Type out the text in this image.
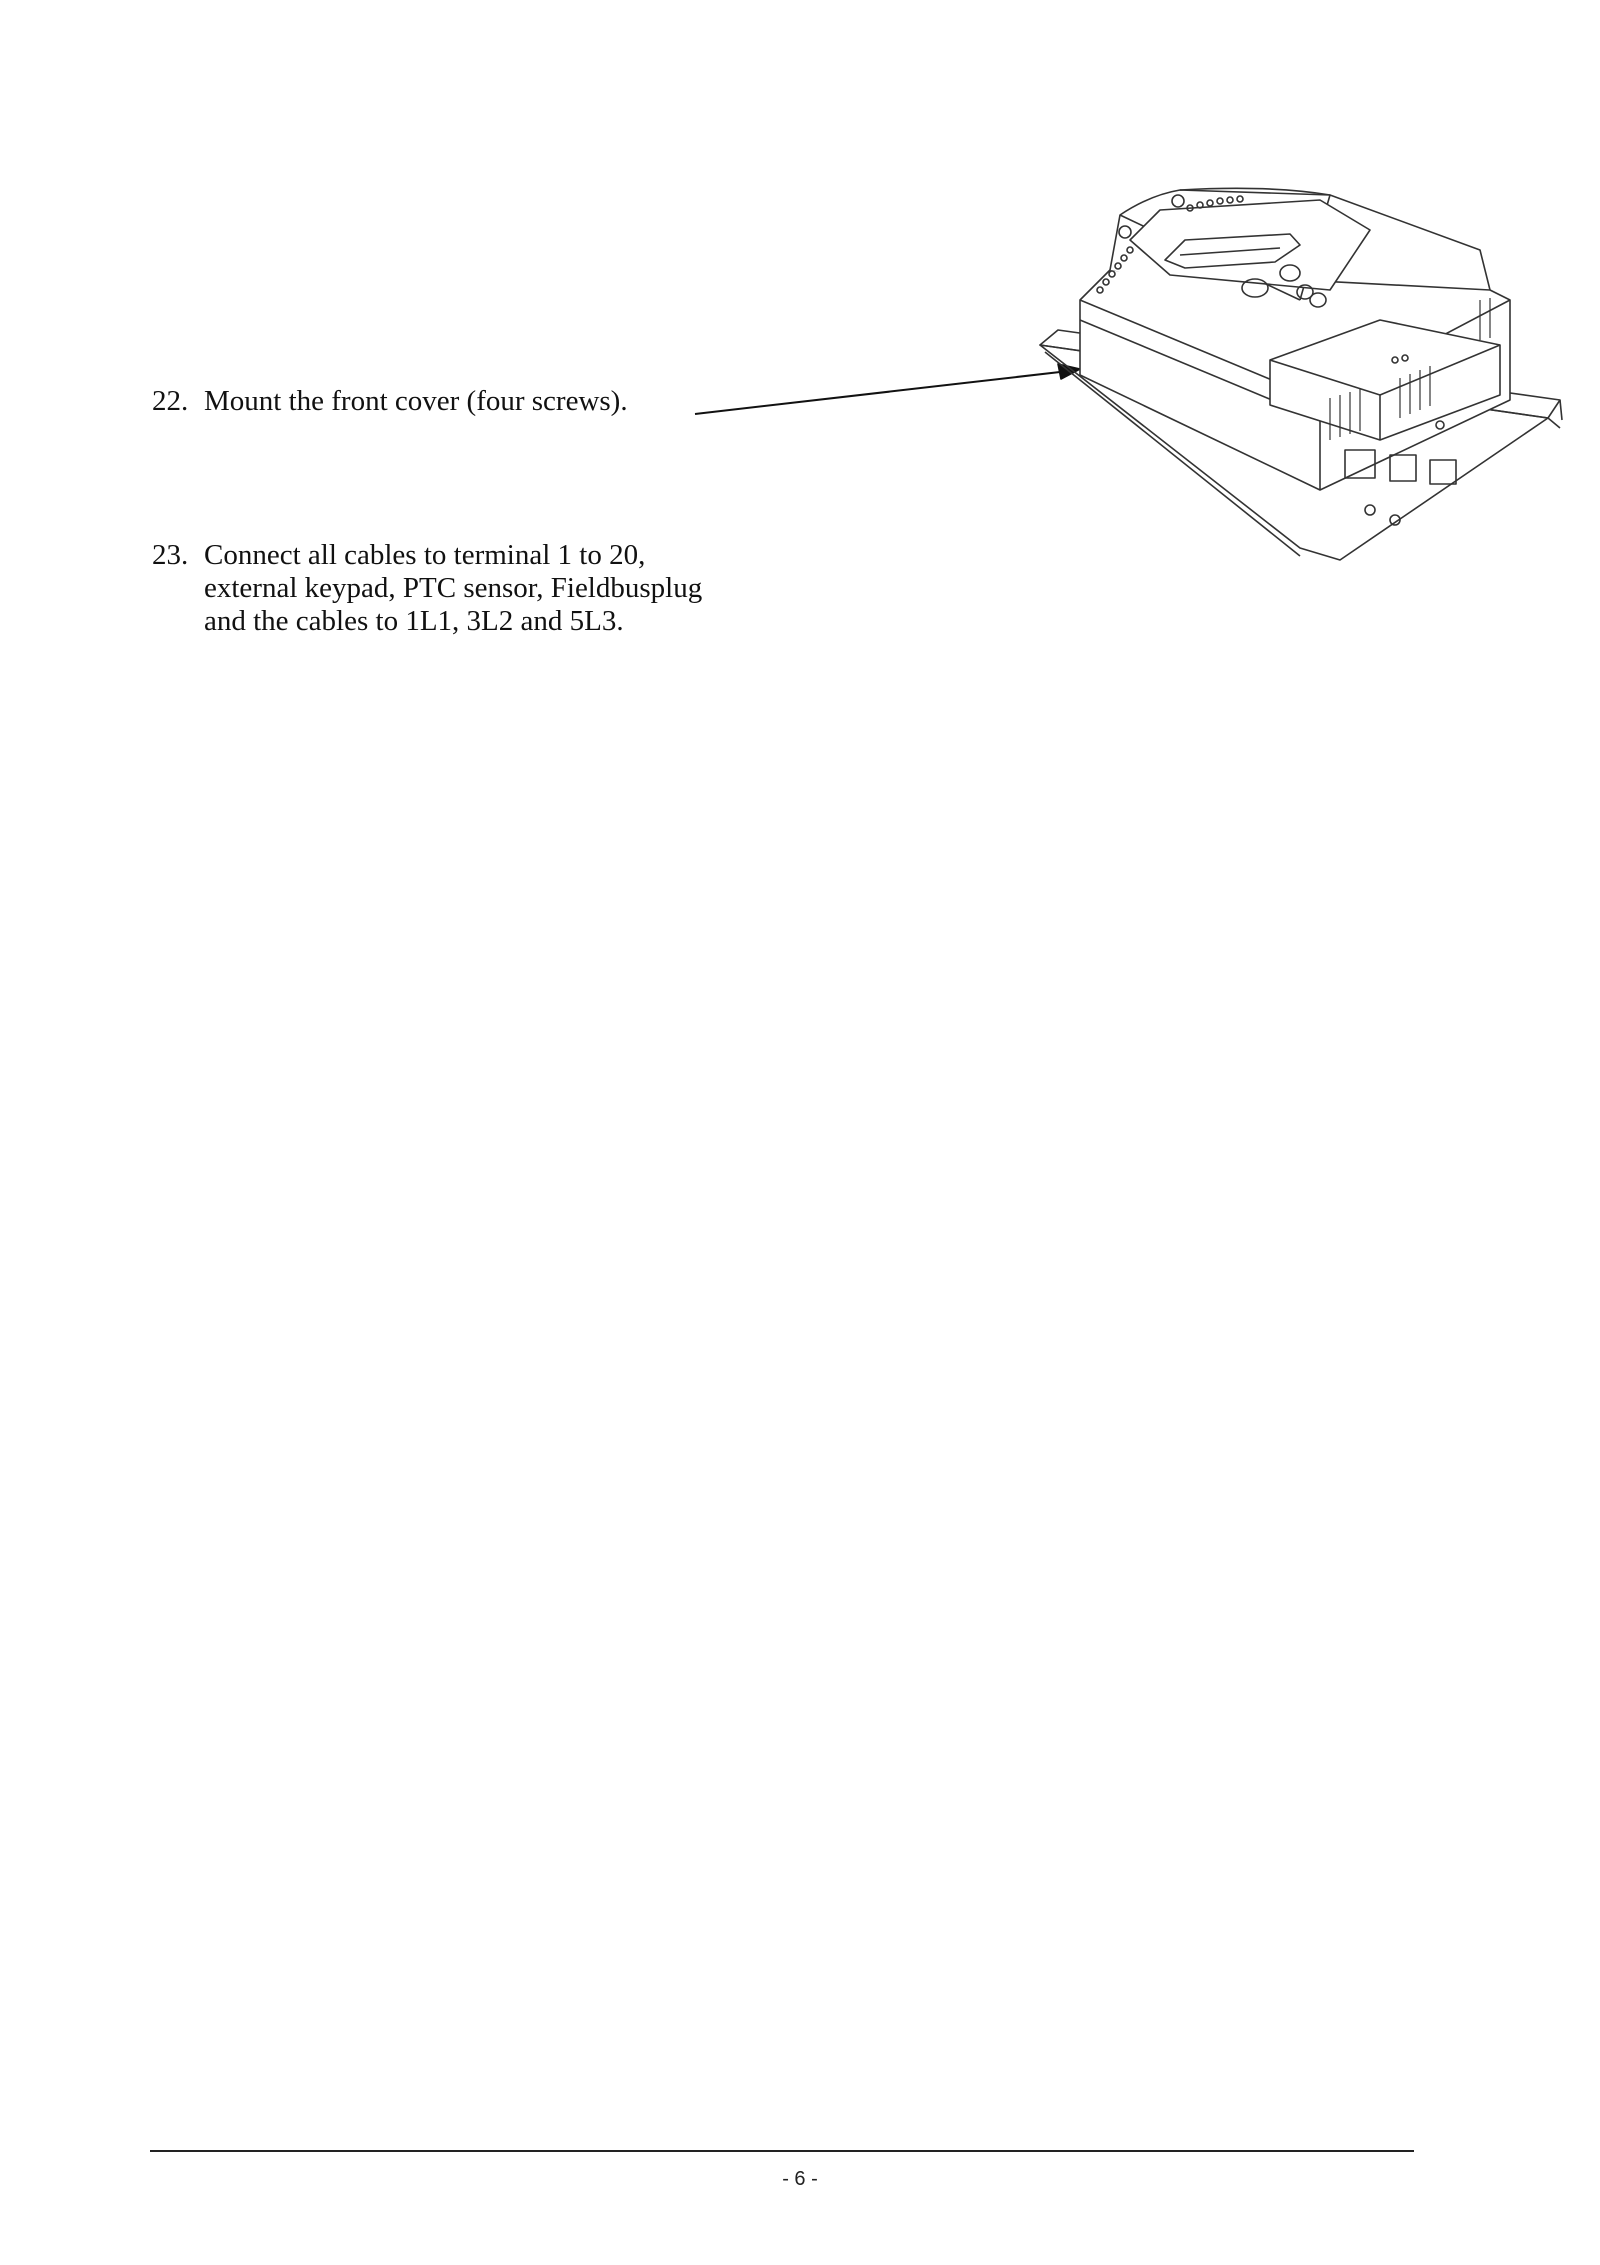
22. Mount the front cover (four screws).
23. Connect all cables to terminal 1 to 20,
external keypad, PTC sensor, Fieldbusplug
and the cables to 1L1, 3L2 and 5L3.
- 6 -
